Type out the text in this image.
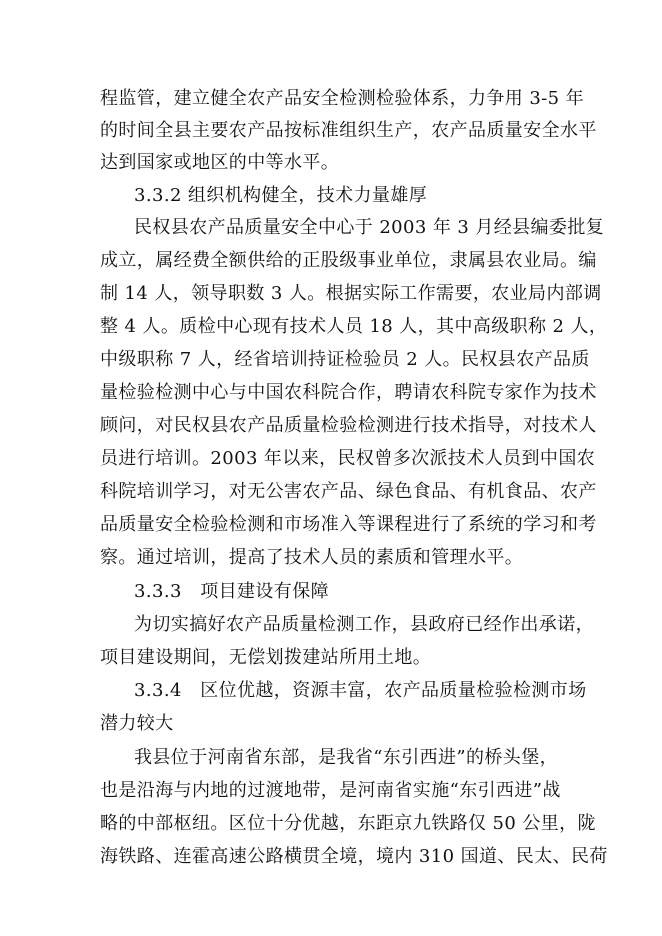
程监管，建立健全农产品安全检测检验体系，力争用 3-5 年
的时间全县主要农产品按标准组织生产，农产品质量安全水平
达到国家或地区的中等水平。
3.3.2 组织机构健全，技术力量雄厚
民权县农产品质量安全中心于 2003 年 3 月经县编委批复
成立，属经费全额供给的正股级事业单位，隶属县农业局。编
制 14 人，领导职数 3 人。根据实际工作需要，农业局内部调
整 4 人。质检中心现有技术人员 18 人，其中高级职称 2 人，
中级职称 7 人，经省培训持证检验员 2 人。民权县农产品质
量检验检测中心与中国农科院合作，聘请农科院专家作为技术
顾问，对民权县农产品质量检验检测进行技术指导，对技术人
员进行培训。2003 年以来，民权曾多次派技术人员到中国农
科院培训学习，对无公害农产品、绿色食品、有机食品、农产
品质量安全检验检测和市场准入等课程进行了系统的学习和考
察。通过培训，提高了技术人员的素质和管理水平。
3.3.3　项目建设有保障
为切实搞好农产品质量检测工作，县政府已经作出承诺，
项目建设期间，无偿划拨建站所用土地。
3.3.4　区位优越，资源丰富，农产品质量检验检测市场
潜力较大
我县位于河南省东部，是我省“东引西进”的桥头堡，
也是沿海与内地的过渡地带，是河南省实施“东引西进”战
略的中部枢纽。区位十分优越，东距京九铁路仅 50 公里，陇
海铁路、连霍高速公路横贯全境，境内 310 国道、民太、民荷
